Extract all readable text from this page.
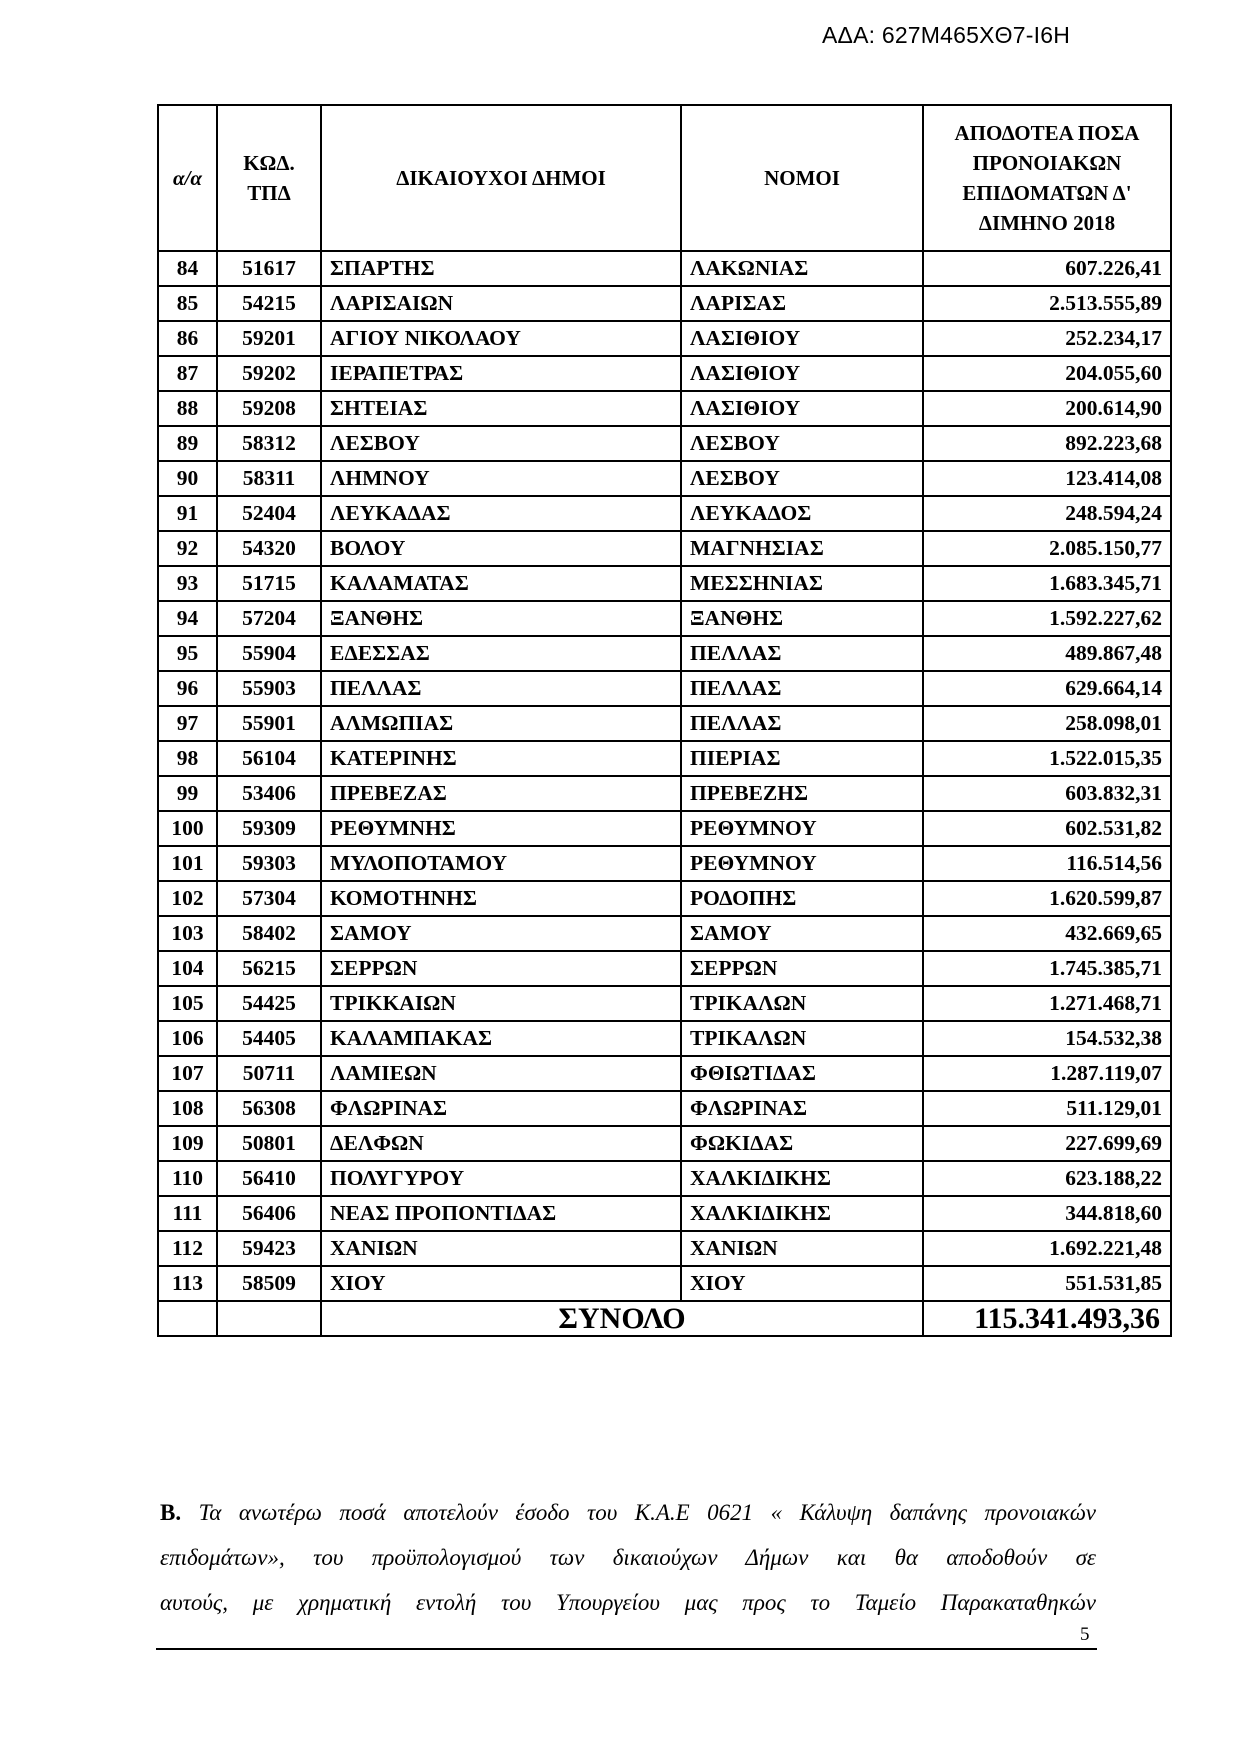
ΑΔΑ: 627Μ465ΧΘ7-Ι6Η
α/α	ΚΩΔ. ΤΠΔ	ΔΙΚΑΙΟΥΧΟΙ ΔΗΜΟΙ	ΝΟΜΟΙ	ΑΠΟΔΟΤΕΑ ΠΟΣΑ ΠΡΟΝΟΙΑΚΩΝ ΕΠΙΔΟΜΑΤΩΝ Δ' ΔΙΜΗΝΟ 2018
84	51617	ΣΠΑΡΤΗΣ	ΛΑΚΩΝΙΑΣ	607.226,41
85	54215	ΛΑΡΙΣΑΙΩΝ	ΛΑΡΙΣΑΣ	2.513.555,89
86	59201	ΑΓΙΟΥ ΝΙΚΟΛΑΟΥ	ΛΑΣΙΘΙΟΥ	252.234,17
87	59202	ΙΕΡΑΠΕΤΡΑΣ	ΛΑΣΙΘΙΟΥ	204.055,60
88	59208	ΣΗΤΕΙΑΣ	ΛΑΣΙΘΙΟΥ	200.614,90
89	58312	ΛΕΣΒΟΥ	ΛΕΣΒΟΥ	892.223,68
90	58311	ΛΗΜΝΟΥ	ΛΕΣΒΟΥ	123.414,08
91	52404	ΛΕΥΚΑΔΑΣ	ΛΕΥΚΑΔΟΣ	248.594,24
92	54320	ΒΟΛΟΥ	ΜΑΓΝΗΣΙΑΣ	2.085.150,77
93	51715	ΚΑΛΑΜΑΤΑΣ	ΜΕΣΣΗΝΙΑΣ	1.683.345,71
94	57204	ΞΑΝΘΗΣ	ΞΑΝΘΗΣ	1.592.227,62
95	55904	ΕΔΕΣΣΑΣ	ΠΕΛΛΑΣ	489.867,48
96	55903	ΠΕΛΛΑΣ	ΠΕΛΛΑΣ	629.664,14
97	55901	ΑΛΜΩΠΙΑΣ	ΠΕΛΛΑΣ	258.098,01
98	56104	ΚΑΤΕΡΙΝΗΣ	ΠΙΕΡΙΑΣ	1.522.015,35
99	53406	ΠΡΕΒΕΖΑΣ	ΠΡΕΒΕΖΗΣ	603.832,31
100	59309	ΡΕΘΥΜΝΗΣ	ΡΕΘΥΜΝΟΥ	602.531,82
101	59303	ΜΥΛΟΠΟΤΑΜΟΥ	ΡΕΘΥΜΝΟΥ	116.514,56
102	57304	ΚΟΜΟΤΗΝΗΣ	ΡΟΔΟΠΗΣ	1.620.599,87
103	58402	ΣΑΜΟΥ	ΣΑΜΟΥ	432.669,65
104	56215	ΣΕΡΡΩΝ	ΣΕΡΡΩΝ	1.745.385,71
105	54425	ΤΡΙΚΚΑΙΩΝ	ΤΡΙΚΑΛΩΝ	1.271.468,71
106	54405	ΚΑΛΑΜΠΑΚΑΣ	ΤΡΙΚΑΛΩΝ	154.532,38
107	50711	ΛΑΜΙΕΩΝ	ΦΘΙΩΤΙΔΑΣ	1.287.119,07
108	56308	ΦΛΩΡΙΝΑΣ	ΦΛΩΡΙΝΑΣ	511.129,01
109	50801	ΔΕΛΦΩΝ	ΦΩΚΙΔΑΣ	227.699,69
110	56410	ΠΟΛΥΓΥΡΟΥ	ΧΑΛΚΙΔΙΚΗΣ	623.188,22
111	56406	ΝΕΑΣ ΠΡΟΠΟΝΤΙΔΑΣ	ΧΑΛΚΙΔΙΚΗΣ	344.818,60
112	59423	ΧΑΝΙΩΝ	ΧΑΝΙΩΝ	1.692.221,48
113	58509	ΧΙΟΥ	ΧΙΟΥ	551.531,85
		ΣΥΝΟΛΟ		115.341.493,36
Β. Τα ανωτέρω ποσά αποτελούν έσοδο του Κ.Α.Ε 0621 « Κάλυψη δαπάνης προνοιακών
επιδομάτων», του προϋπολογισμού των δικαιούχων Δήμων και θα αποδοθούν σε
αυτούς, με χρηματική εντολή του Υπουργείου μας προς το Ταμείο Παρακαταθηκών
5
